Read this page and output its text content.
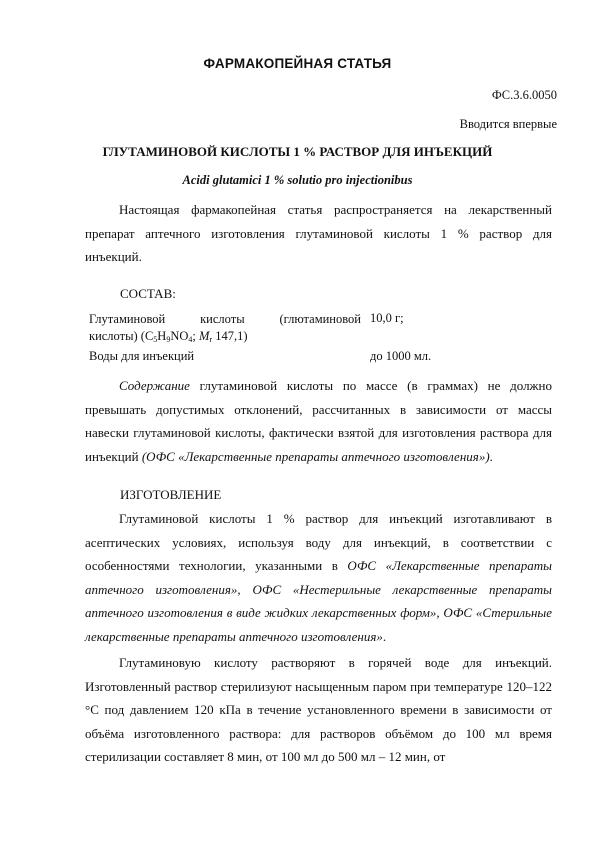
ФАРМАКОПЕЙНАЯ СТАТЬЯ
ФС.3.6.0050
Вводится впервые
ГЛУТАМИНОВОЙ КИСЛОТЫ 1 % РАСТВОР ДЛЯ ИНЪЕКЦИЙ
Acidi glutamici 1 % solutio pro injectionibus

Настоящая фармакопейная статья распространяется на лекарственный препарат аптечного изготовления глутаминовой кислоты 1 % раствор для инъекций.

СОСТАВ:
Глутаминовой кислоты (глютаминовой
кислоты) ($C_5H_9NO_4$; $M_r$ 147,1)
10,0 г;
Воды для инъекций	до 1000 мл.

Содержание глутаминовой кислоты по массе (в граммах) не должно превышать допустимых отклонений, рассчитанных в зависимости от массы навески глутаминовой кислоты, фактически взятой для изготовления раствора для инъекций (ОФС «Лекарственные препараты аптечного изготовления»).

ИЗГОТОВЛЕНИЕ

Глутаминовой кислоты 1 % раствор для инъекций изготавливают в асептических условиях, используя воду для инъекций, в соответствии с особенностями технологии, указанными в ОФС «Лекарственные препараты аптечного изготовления», ОФС «Нестерильные лекарственные препараты аптечного изготовления в виде жидких лекарственных форм», ОФС «Стерильные лекарственные препараты аптечного изготовления».

Глутаминовую кислоту растворяют в горячей воде для инъекций. Изготовленный раствор стерилизуют насыщенным паром при температуре 120–122 °С под давлением 120 кПа в течение установленного времени в зависимости от объёма изготовленного раствора: для растворов объёмом до 100 мл время стерилизации составляет 8 мин, от 100 мл до 500 мл – 12 мин, от
